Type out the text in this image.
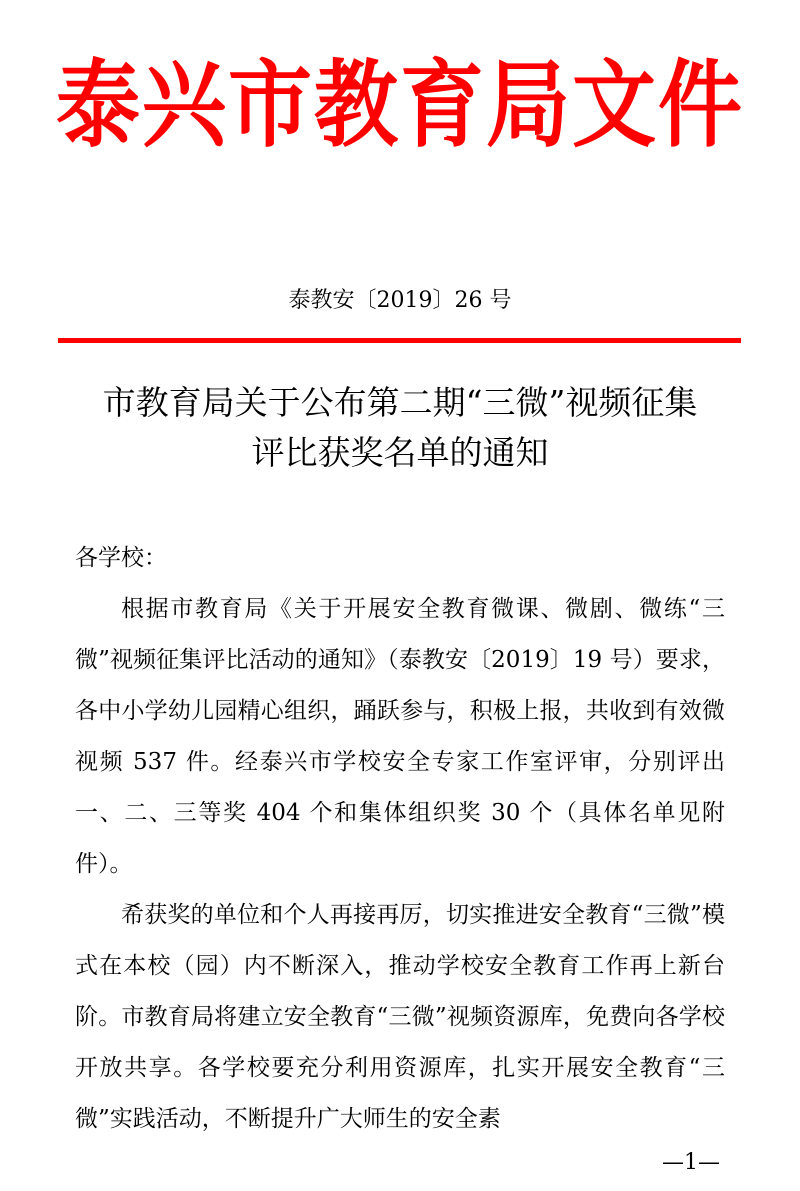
泰兴市教育局文件
泰教安〔2019〕26 号
市教育局关于公布第二期“三微”视频征集
评比获奖名单的通知

各学校：

根据市教育局《关于开展安全教育微课、微剧、微练“三微”视频征集评比活动的通知》（泰教安〔2019〕19 号）要求，各中小学幼儿园精心组织，踊跃参与，积极上报，共收到有效微视频 537 件。经泰兴市学校安全专家工作室评审，分别评出一、二、三等奖 404 个和集体组织奖 30 个（具体名单见附件）。

希获奖的单位和个人再接再厉，切实推进安全教育“三微”模式在本校（园）内不断深入，推动学校安全教育工作再上新台阶。市教育局将建立安全教育“三微”视频资源库，免费向各学校开放共享。各学校要充分利用资源库，扎实开展安全教育“三微”实践活动，不断提升广大师生的安全素

—1—
